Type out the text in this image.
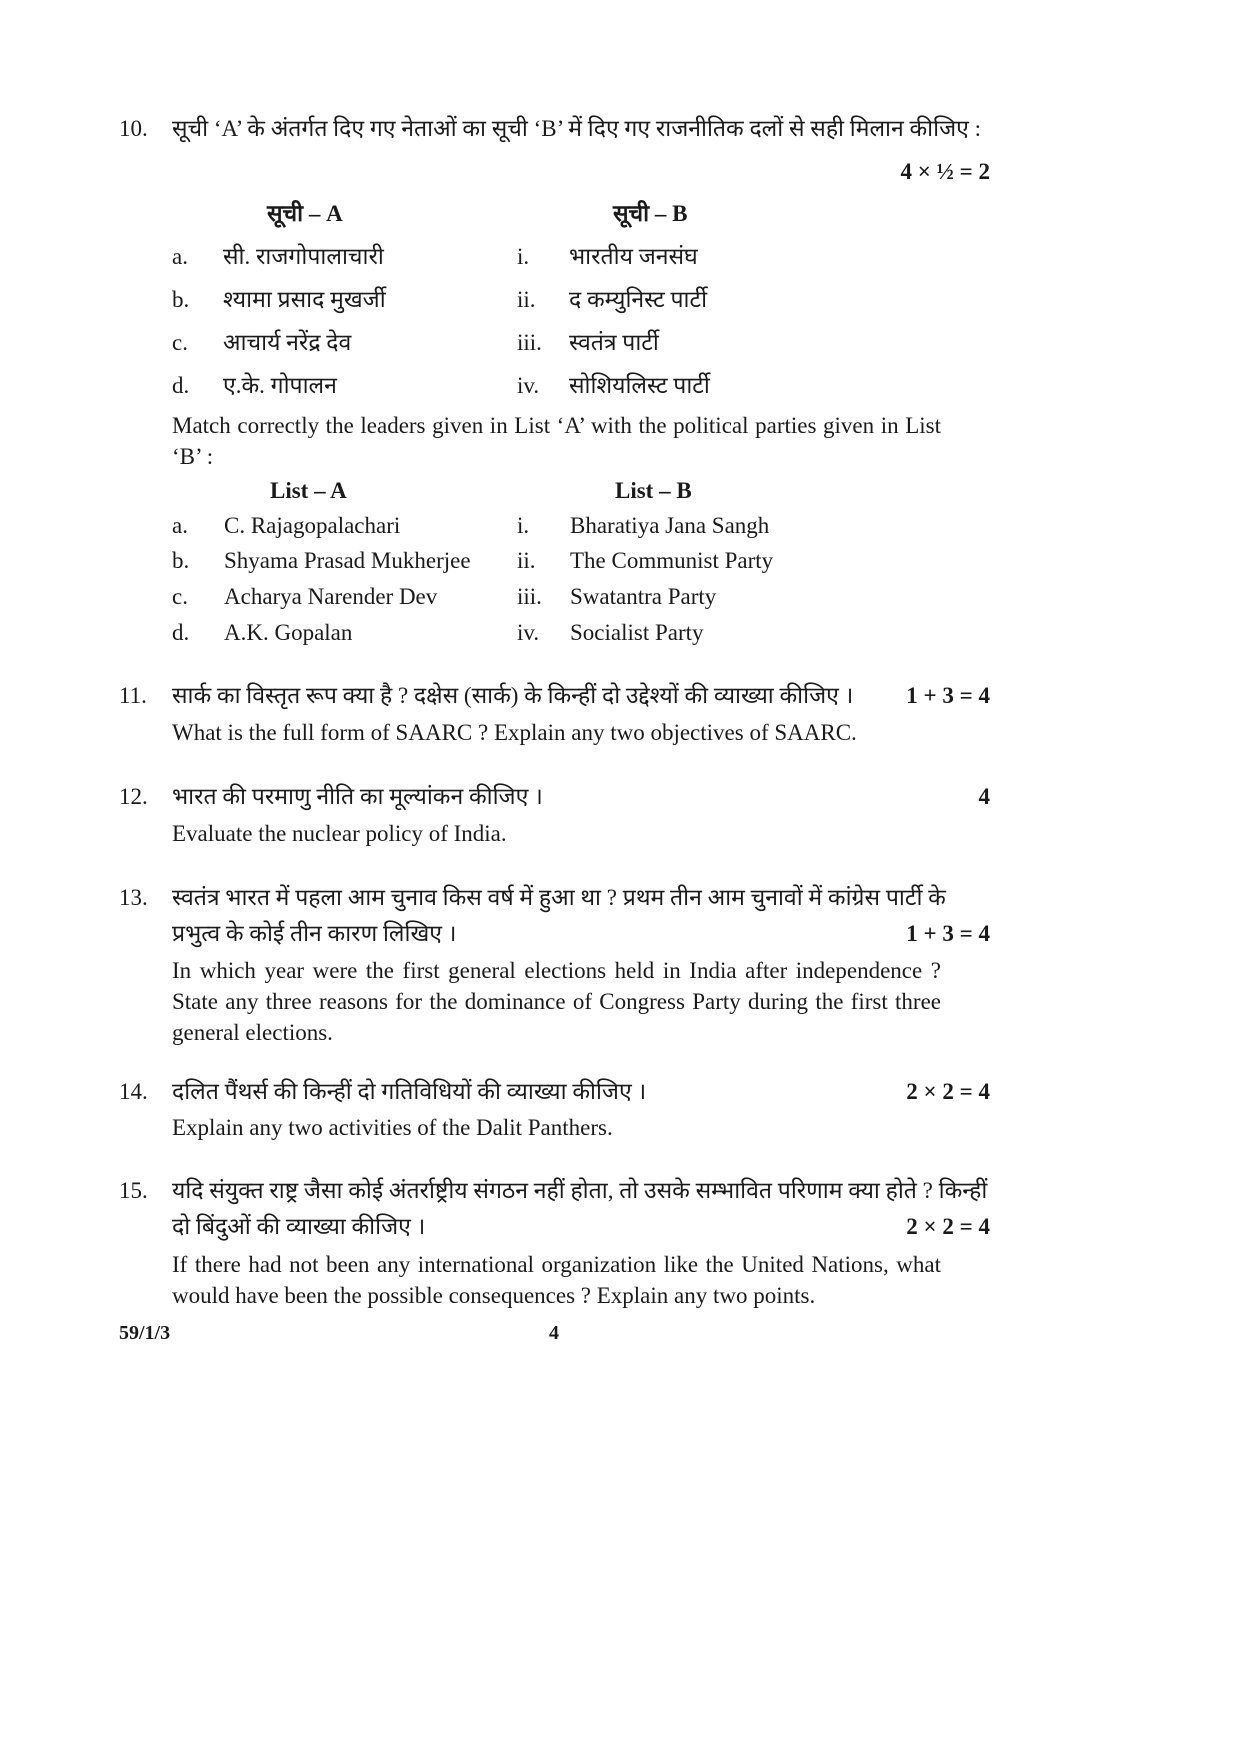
10. सूची ‘A’ के अंतर्गत दिए गए नेताओं का सूची ‘B’ में दिए गए राजनीतिक दलों से सही मिलान कीजिए :
4 × ½ = 2
सूची – A	सूची – B
a. सी. राजगोपालाचारी	i. भारतीय जनसंघ
b. श्यामा प्रसाद मुखर्जी	ii. द कम्युनिस्ट पार्टी
c. आचार्य नरेंद्र देव	iii. स्वतंत्र पार्टी
d. ए.के. गोपालन	iv. सोशियलिस्ट पार्टी
Match correctly the leaders given in List ‘A’ with the political parties given in List ‘B’ :
List – A	List – B
a. C. Rajagopalachari	i. Bharatiya Jana Sangh
b. Shyama Prasad Mukherjee ii. The Communist Party
c. Acharya Narender Dev	iii. Swatantra Party
d. A.K. Gopalan	iv. Socialist Party
11. सार्क का विस्तृत रूप क्या है ? दक्षेस (सार्क) के किन्हीं दो उद्देश्यों की व्याख्या कीजिए । 1 + 3 = 4
What is the full form of SAARC ? Explain any two objectives of SAARC.
12. भारत की परमाणु नीति का मूल्यांकन कीजिए ।	4
Evaluate the nuclear policy of India.
13. स्वतंत्र भारत में पहला आम चुनाव किस वर्ष में हुआ था ? प्रथम तीन आम चुनावों में कांग्रेस पार्टी के
प्रभुत्व के कोई तीन कारण लिखिए ।	1 + 3 = 4
In which year were the first general elections held in India after independence ? State any three reasons for the dominance of Congress Party during the first three general elections.
14. दलित पैंथर्स की किन्हीं दो गतिविधियों की व्याख्या कीजिए ।	2 × 2 = 4
Explain any two activities of the Dalit Panthers.
15. यदि संयुक्त राष्ट्र जैसा कोई अंतर्राष्ट्रीय संगठन नहीं होता, तो उसके सम्भावित परिणाम क्या होते ? किन्हीं
दो बिंदुओं की व्याख्या कीजिए ।	2 × 2 = 4
If there had not been any international organization like the United Nations, what would have been the possible consequences ? Explain any two points.
59/1/3	4
